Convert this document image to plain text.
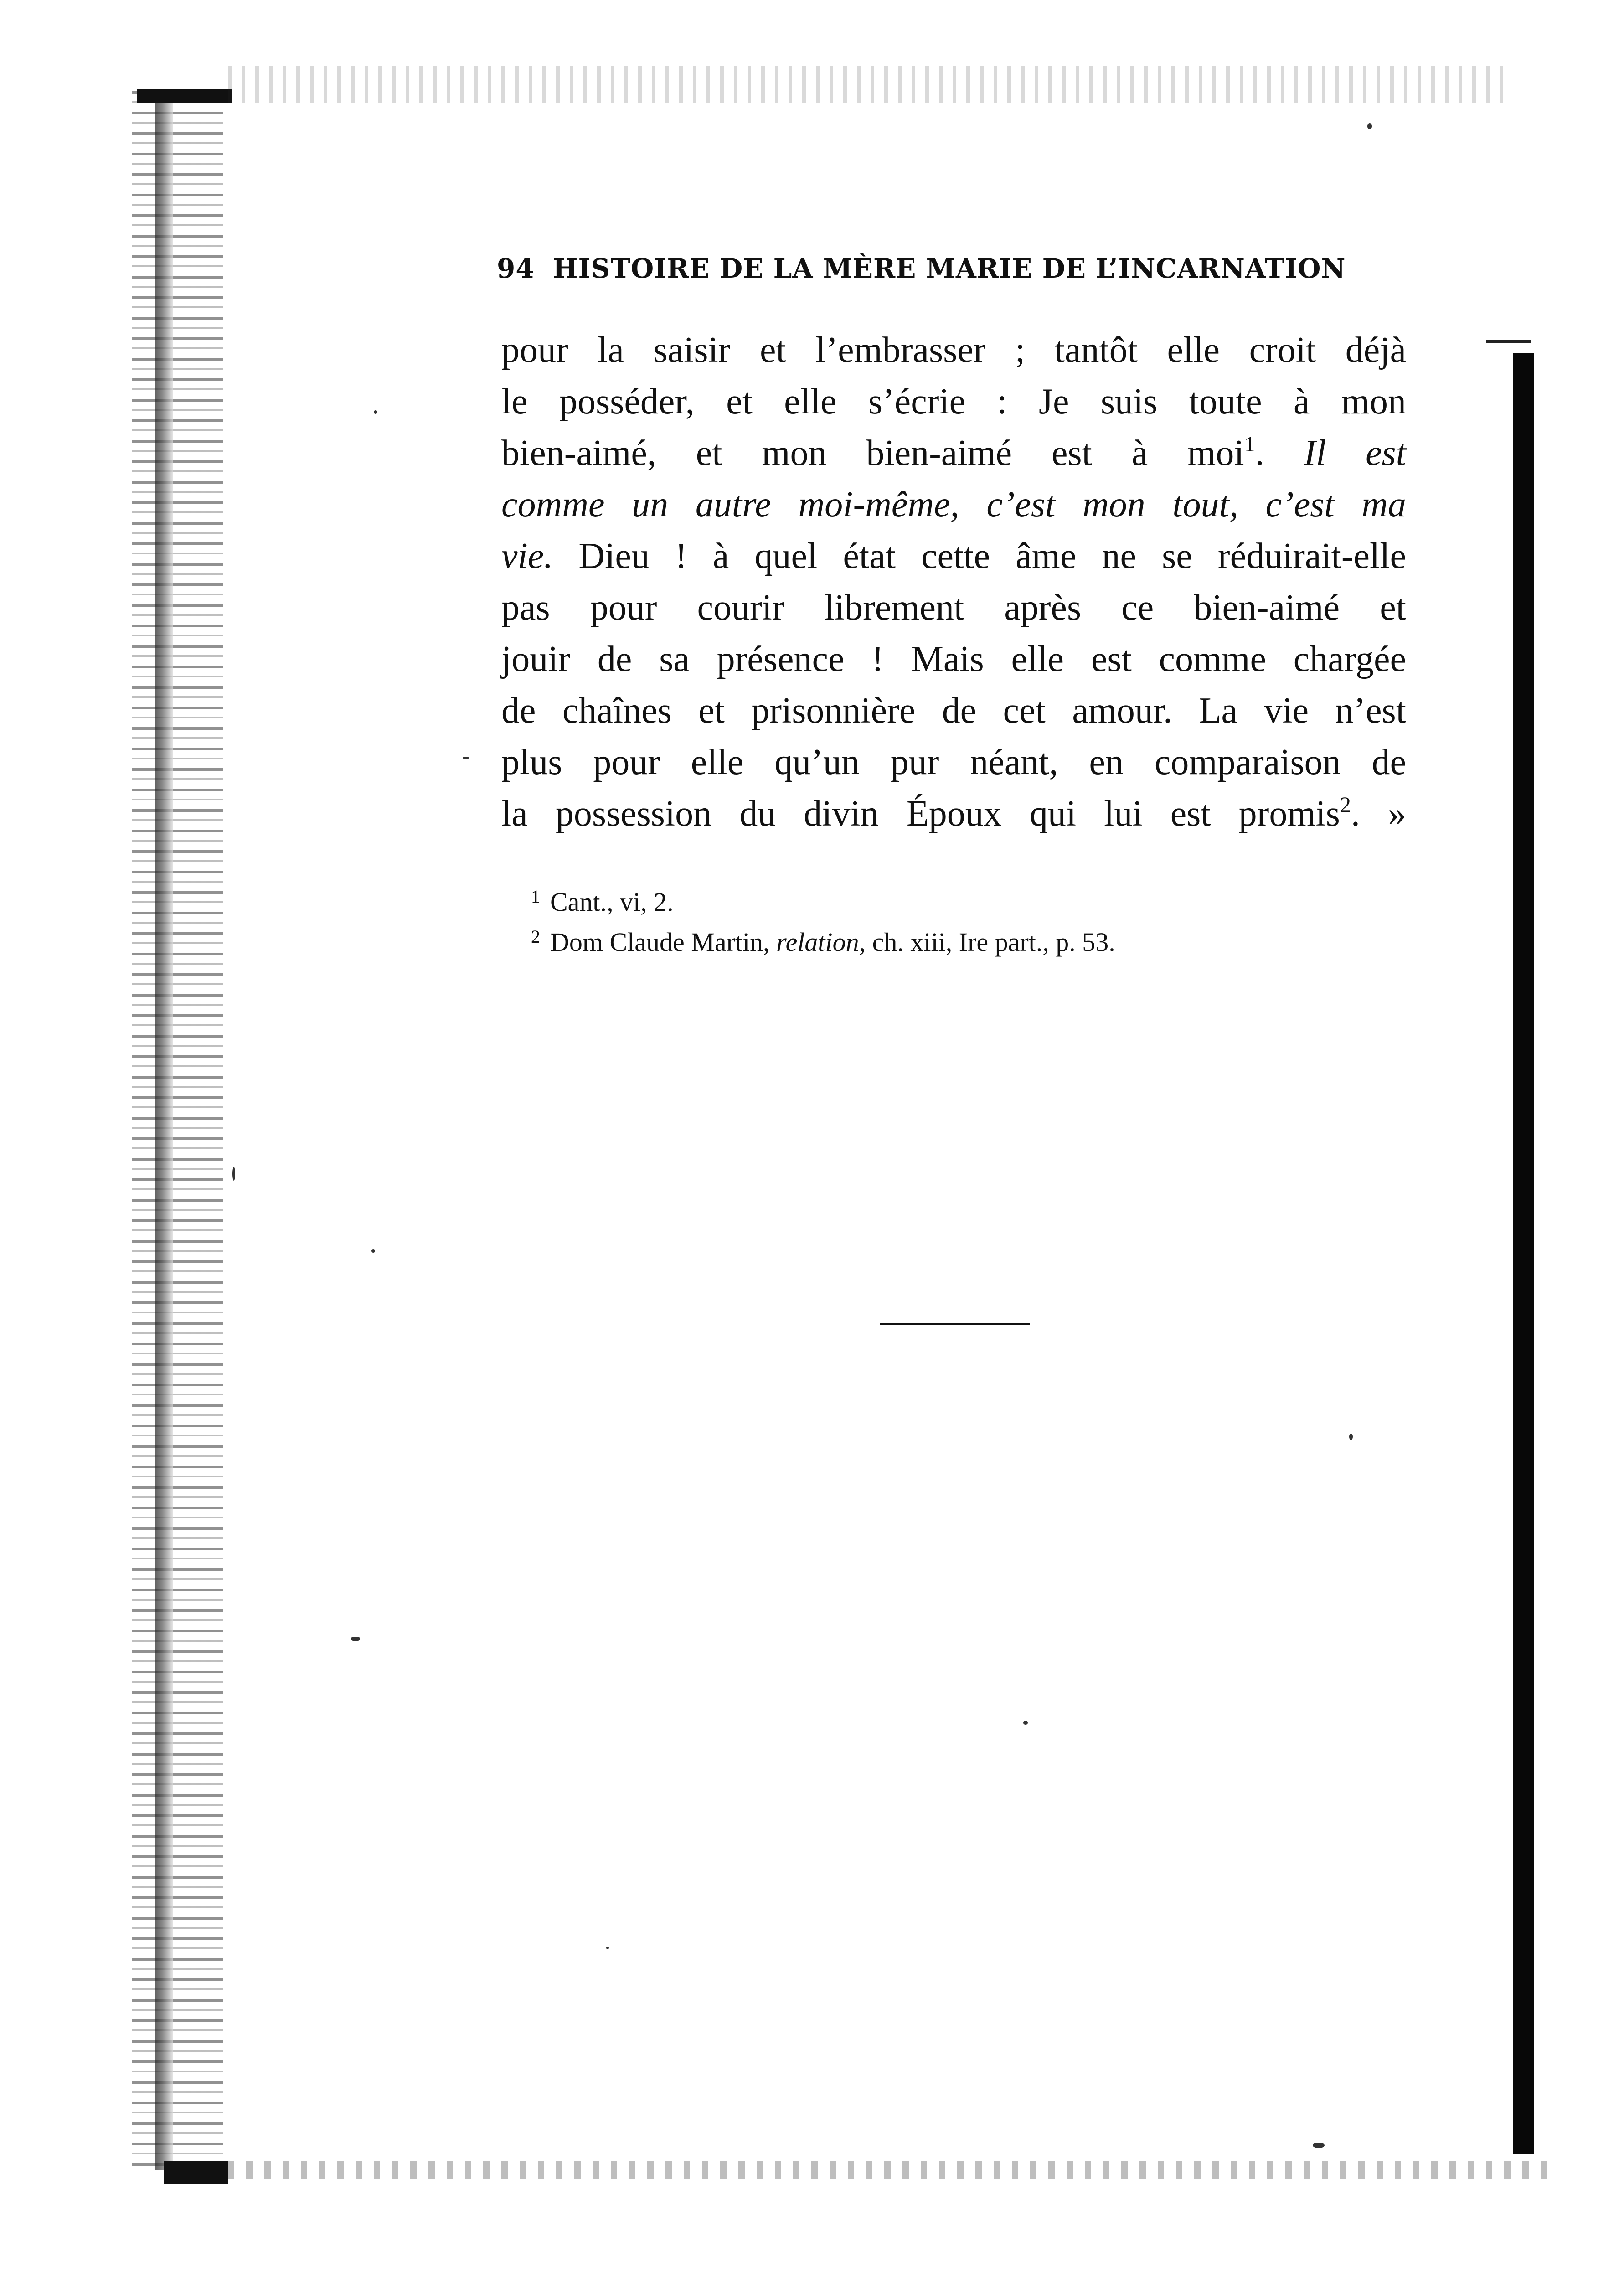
94 HISTOIRE DE LA MÈRE MARIE DE L’INCARNATION
pour la saisir et l’embrasser ; tantôt elle croit déjà
le posséder, et elle s’écrie : Je suis toute à mon
bien-aimé, et mon bien-aimé est à moi$^1$. Il est
comme un autre moi-même, c’est mon tout, c’est ma
vie. Dieu ! à quel état cette âme ne se réduirait-elle
pas pour courir librement après ce bien-aimé et
jouir de sa présence ! Mais elle est comme chargée
de chaînes et prisonnière de cet amour. La vie n’est
plus pour elle qu’un pur néant, en comparaison de
la possession du divin Époux qui lui est promis$^2$. »
$^1$ Cant., vi, 2.
$^2$ Dom Claude Martin, relation, ch. xiii, Ire part., p. 53.
